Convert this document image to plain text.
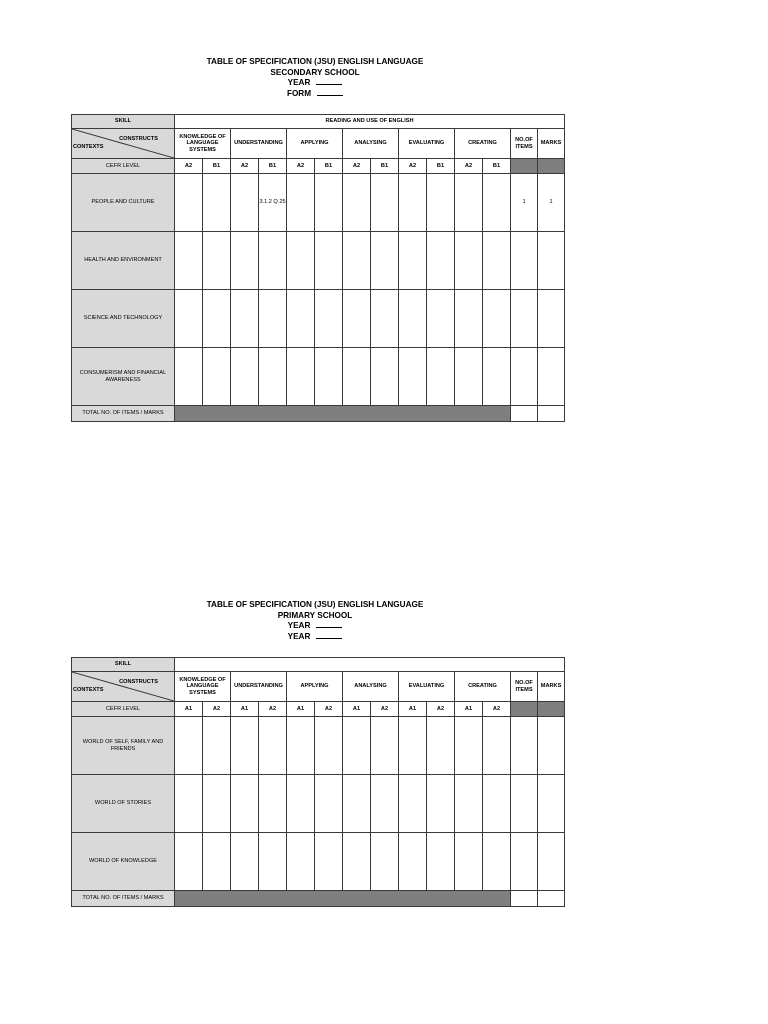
TABLE OF SPECIFICATION (JSU) ENGLISH LANGUAGE
SECONDARY SCHOOL
YEAR
FORM
SKILL	READING AND USE OF ENGLISH													

CONSTRUCTS
CONTEXTS	KNOWLEDGE OF LANGUAGE SYSTEMS		UNDERSTANDING		APPLYING		ANALYSING		EVALUATING		CREATING		NO.OF ITEMS	MARKS
CEFR LEVEL	A2	B1	A2	B1	A2	B1	A2	B1	A2	B1	A2	B1		
PEOPLE AND CULTURE				3.1.2 Q.25									1	1
HEALTH AND ENVIRONMENT														
SCIENCE AND TECHNOLOGY														
CONSUMERISM AND FINANCIAL AWARENESS														
TOTAL NO. OF ITEMS / MARKS														
TABLE OF SPECIFICATION (JSU) ENGLISH LANGUAGE
PRIMARY SCHOOL
YEAR
YEAR
SKILL														

CONSTRUCTS
CONTEXTS	KNOWLEDGE OF LANGUAGE SYSTEMS		UNDERSTANDING		APPLYING		ANALYSING		EVALUATING		CREATING		NO.OF ITEMS	MARKS
CEFR LEVEL	A1	A2	A1	A2	A1	A2	A1	A2	A1	A2	A1	A2		
WORLD OF SELF, FAMILY AND FRIENDS														
WORLD OF STORIES														
WORLD OF KNOWLEDGE														
TOTAL NO. OF ITEMS / MARKS														
